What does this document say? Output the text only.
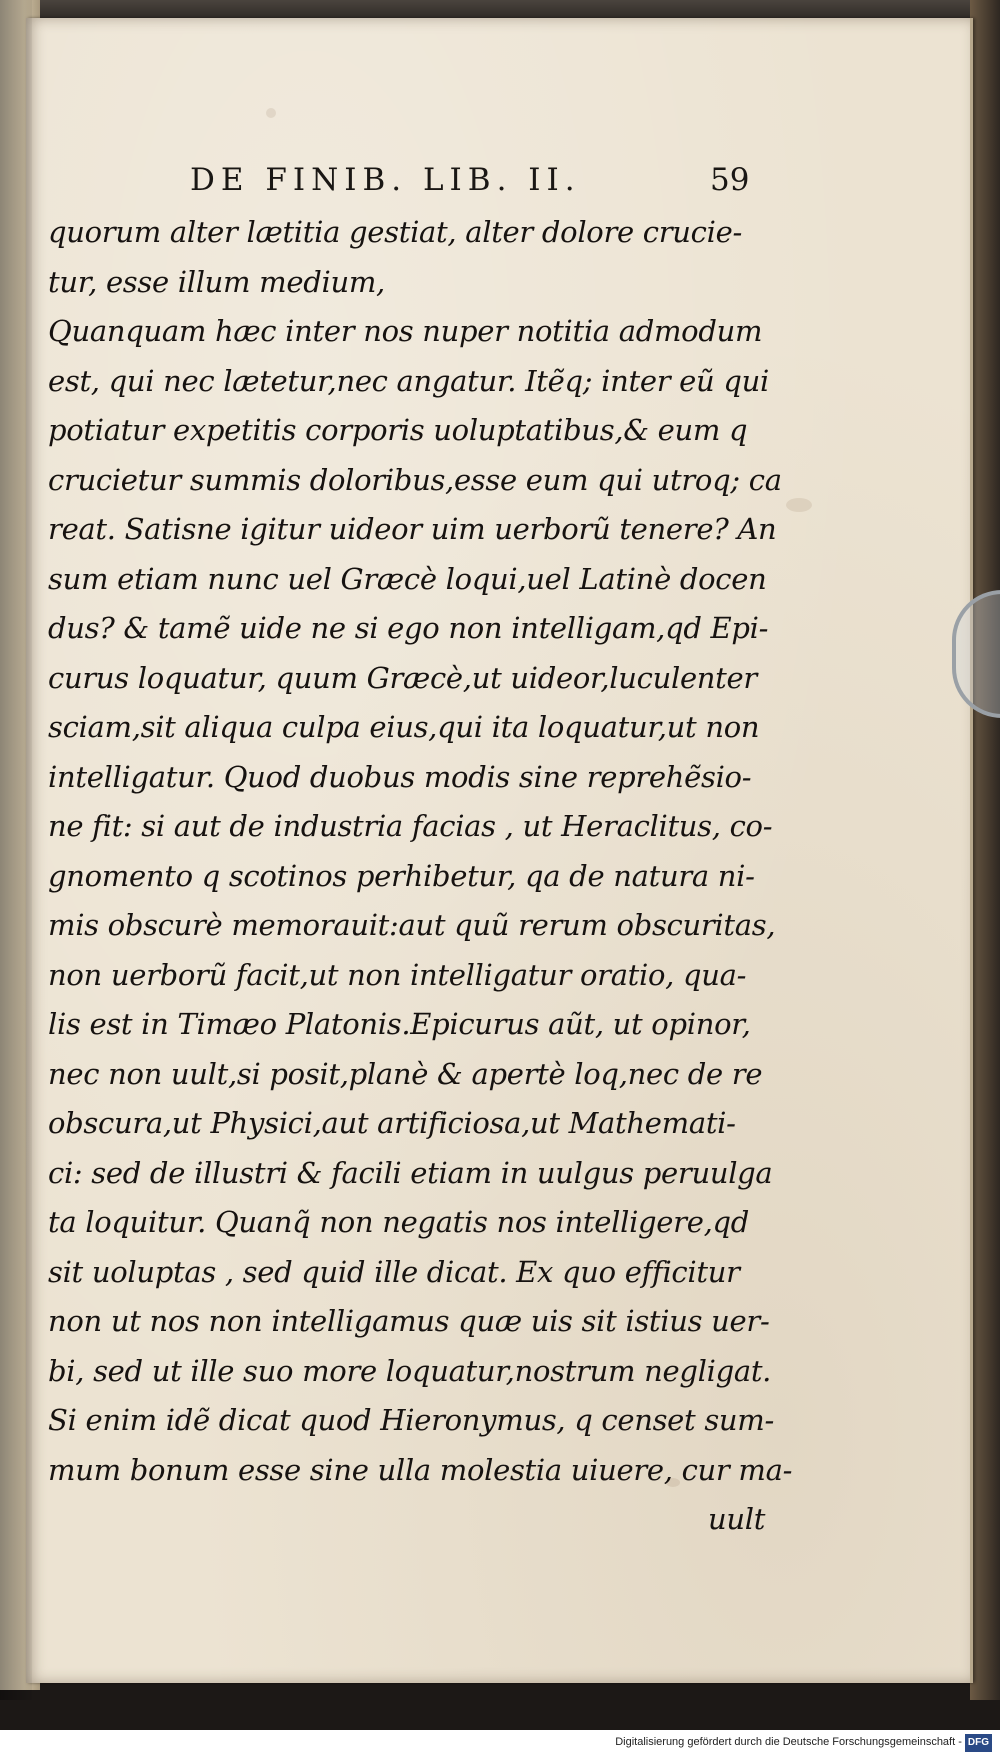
DE FINIB. LIB. II.	59
quorum alter lætitia gestiat, alter dolore crucie-
tur, esse illum medium,
Quanquam hæc inter nos nuper notitia admodum
est, qui nec lætetur,nec angatur. Itẽq; inter eũ qui
potiatur expetitis corporis uoluptatibus,& eum q
crucietur summis doloribus,esse eum qui utroq; ca
reat. Satisne igitur uideor uim uerborũ tenere? An
sum etiam nunc uel Græcè loqui,uel Latinè docen
dus? & tamẽ uide ne si ego non intelligam,qd Epi-
curus loquatur, quum Græcè,ut uideor,luculenter
sciam,sit aliqua culpa eius,qui ita loquatur,ut non
intelligatur. Quod duobus modis sine reprehẽsio-
ne fit: si aut de industria facias , ut Heraclitus, co-
gnomento q scotinos perhibetur, qa de natura ni-
mis obscurè memorauit:aut quũ rerum obscuritas,
non uerborũ facit,ut non intelligatur oratio, qua-
lis est in Timæo Platonis.Epicurus aũt, ut opinor,
nec non uult,si posit,planè & apertè loq,nec de re
obscura,ut Physici,aut artificiosa,ut Mathemati-
ci: sed de illustri & facili etiam in uulgus peruulga
ta loquitur. Quanq̃ non negatis nos intelligere,qd
sit uoluptas , sed quid ille dicat. Ex quo efficitur
non ut nos non intelligamus quæ uis sit istius uer-
bi, sed ut ille suo more loquatur,nostrum negligat.
Si enim idẽ dicat quod Hieronymus, q censet sum-
mum bonum esse sine ulla molestia uiuere, cur ma-
uult
Digitalisierung gefördert durch die Deutsche Forschungsgemeinschaft - DFG
